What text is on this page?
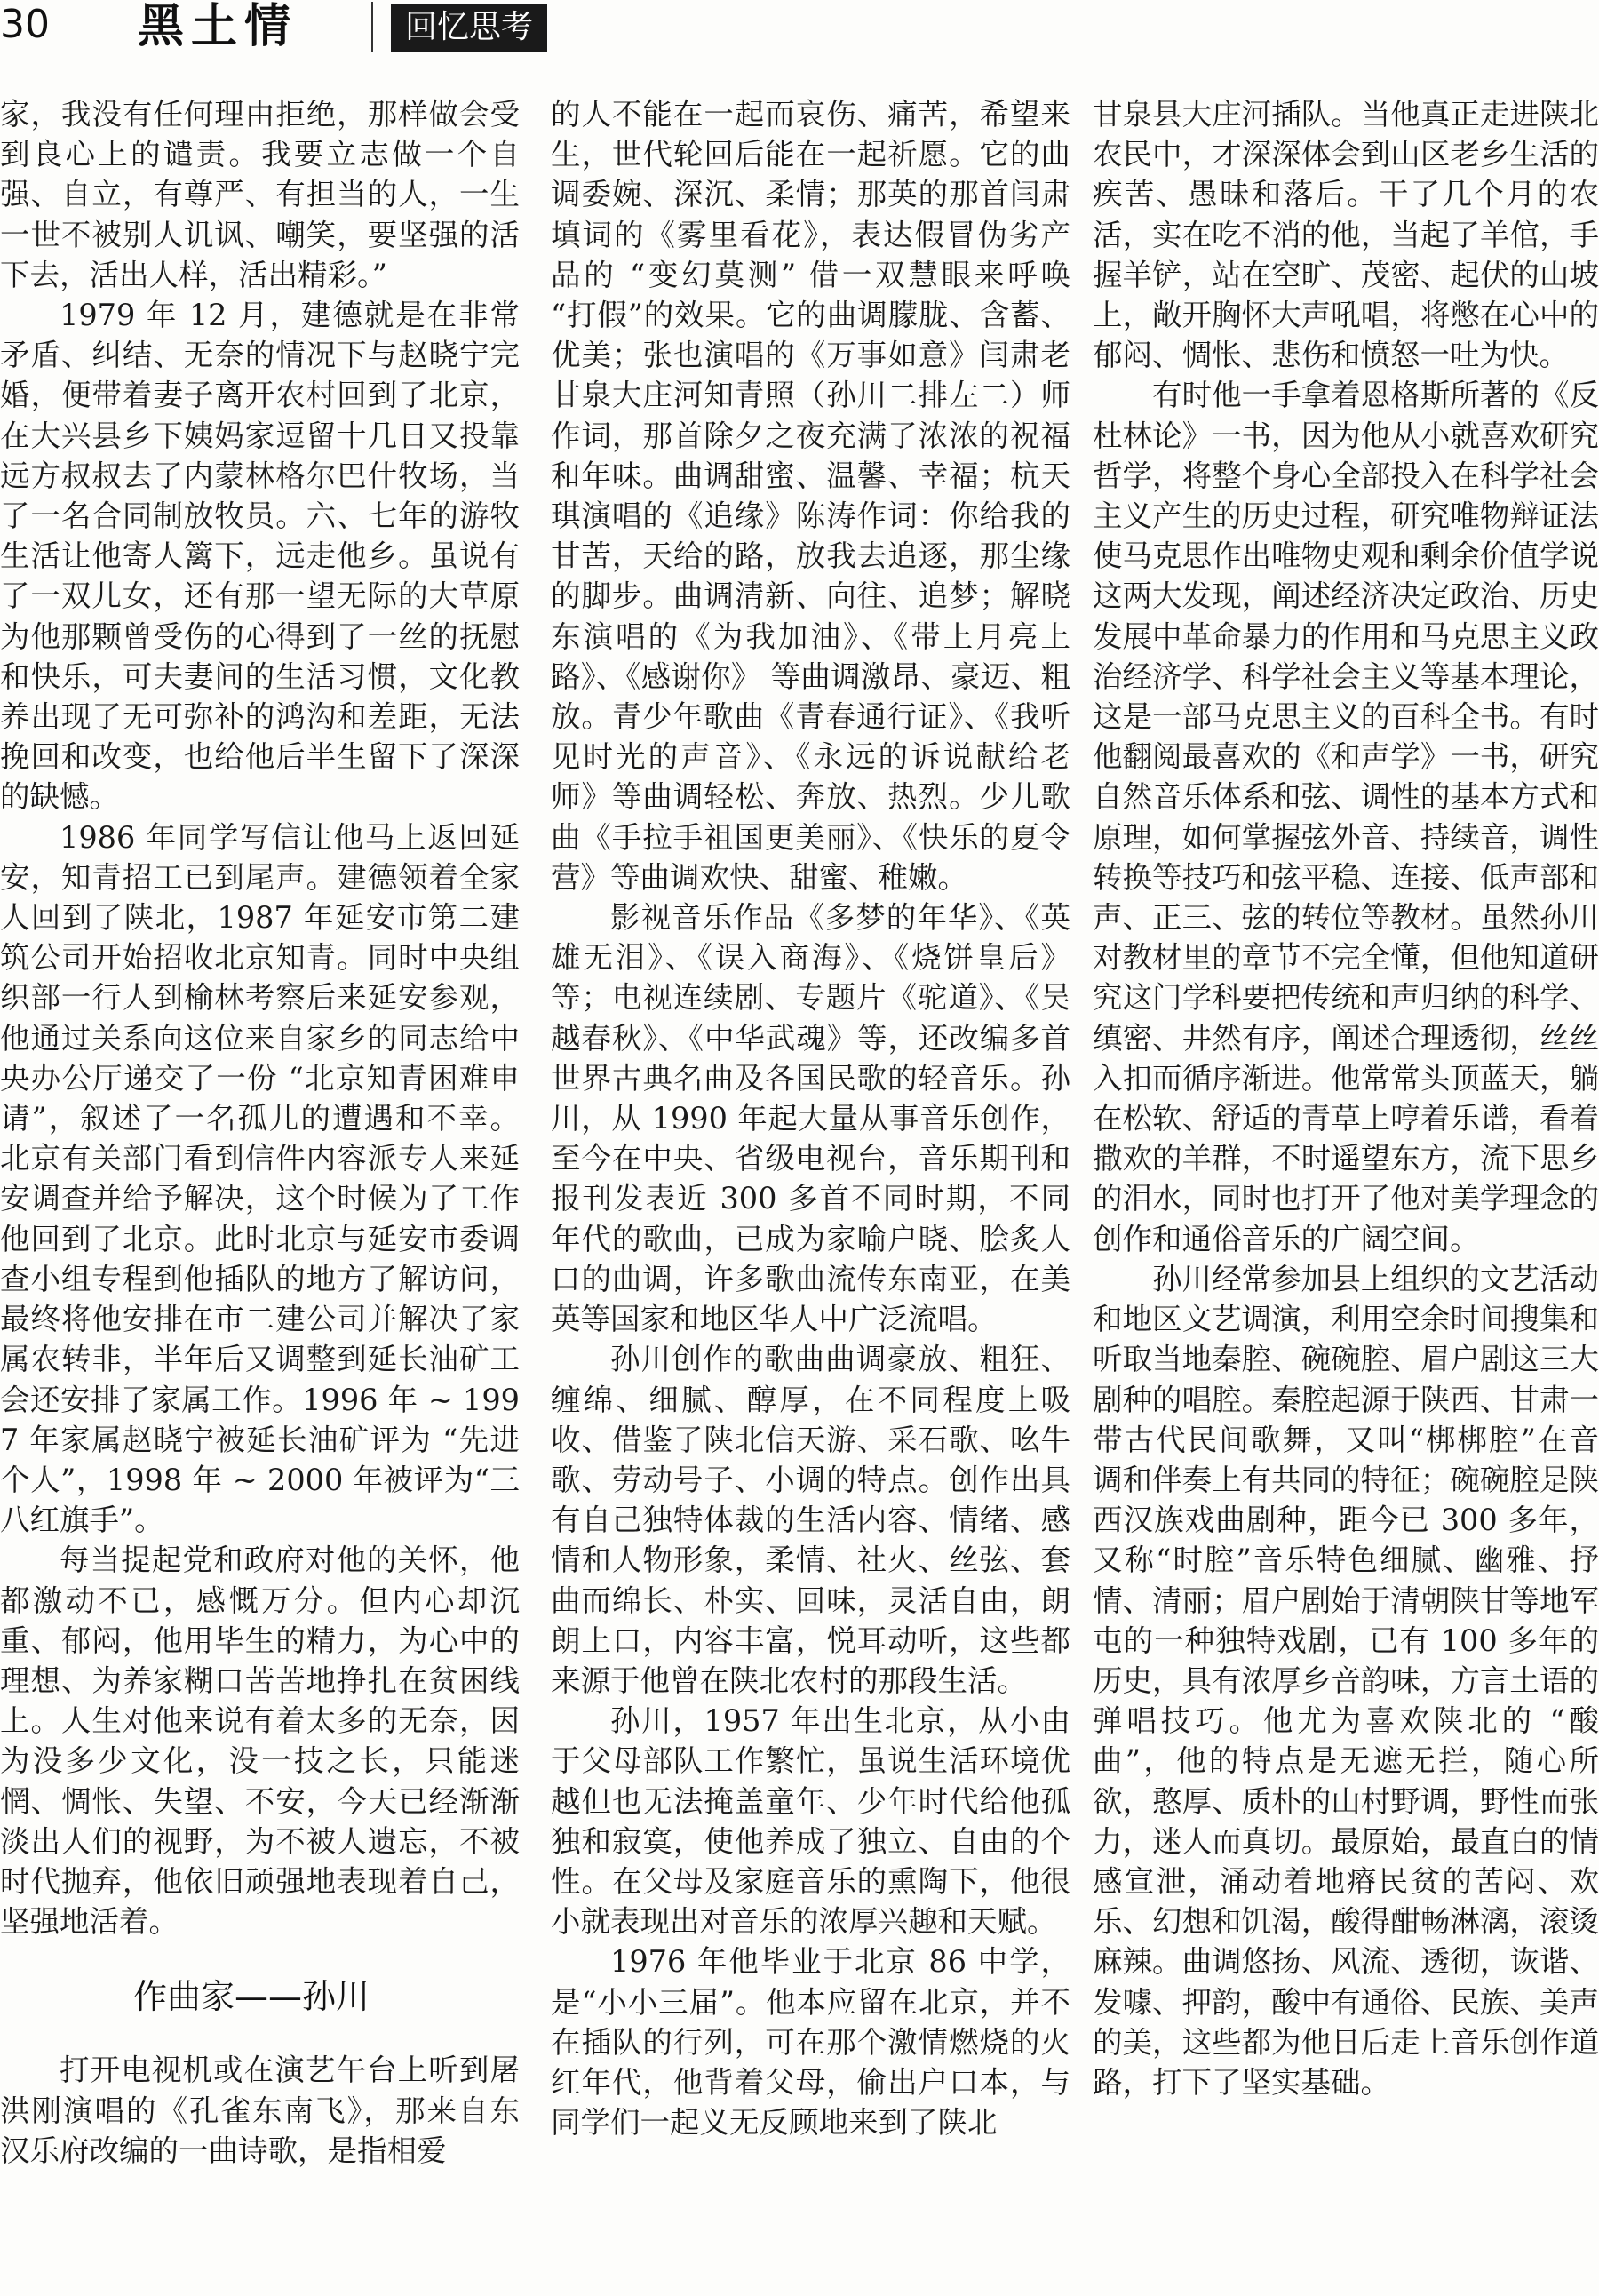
30 黑土情	回忆思考

家，我没有任何理由拒绝，那样做会受到良心上的谴责。我要立志做一个自强、自立，有尊严、有担当的人，一生一世不被别人讥讽、嘲笑，要坚强的活下去，活出人样，活出精彩。”

1979 年 12 月，建德就是在非常矛盾、纠结、无奈的情况下与赵晓宁完婚，便带着妻子离开农村回到了北京，在大兴县乡下姨妈家逗留十几日又投靠远方叔叔去了内蒙林格尔巴什牧场，当了一名合同制放牧员。六、七年的游牧生活让他寄人篱下，远走他乡。虽说有了一双儿女，还有那一望无际的大草原为他那颗曾受伤的心得到了一丝的抚慰和快乐，可夫妻间的生活习惯，文化教养出现了无可弥补的鸿沟和差距，无法挽回和改变，也给他后半生留下了深深的缺憾。

1986 年同学写信让他马上返回延安，知青招工已到尾声。建德领着全家人回到了陕北，1987 年延安市第二建筑公司开始招收北京知青。同时中央组织部一行人到榆林考察后来延安参观，他通过关系向这位来自家乡的同志给中央办公厅递交了一份 “北京知青困难申请”，叙述了一名孤儿的遭遇和不幸。北京有关部门看到信件内容派专人来延安调查并给予解决，这个时候为了工作他回到了北京。此时北京与延安市委调查小组专程到他插队的地方了解访问，最终将他安排在市二建公司并解决了家属农转非，半年后又调整到延长油矿工会还安排了家属工作。1996 年 ~ 1997 年家属赵晓宁被延长油矿评为 “先进个人”，1998 年 ~ 2000 年被评为“三八红旗手”。

每当提起党和政府对他的关怀，他都激动不已，感慨万分。但内心却沉重、郁闷，他用毕生的精力，为心中的理想、为养家糊口苦苦地挣扎在贫困线上。人生对他来说有着太多的无奈，因为没多少文化，没一技之长，只能迷惘、惆怅、失望、不安，今天已经渐渐淡出人们的视野，为不被人遗忘，不被时代抛弃，他依旧顽强地表现着自己，坚强地活着。

作曲家——孙川

打开电视机或在演艺午台上听到屠洪刚演唱的《孔雀东南飞》，那来自东汉乐府改编的一曲诗歌，是指相爱

的人不能在一起而哀伤、痛苦，希望来生，世代轮回后能在一起祈愿。它的曲调委婉、深沉、柔情；那英的那首闫肃填词的《雾里看花》，表达假冒伪劣产品的 “变幻莫测” 借一双慧眼来呼唤 “打假”的效果。它的曲调朦胧、含蓄、优美；张也演唱的《万事如意》闫肃老甘泉大庄河知青照（孙川二排左二）师作词，那首除夕之夜充满了浓浓的祝福和年味。曲调甜蜜、温馨、幸福；杭天琪演唱的《追缘》陈涛作词：你给我的甘苦，天给的路，放我去追逐，那尘缘的脚步。曲调清新、向往、追梦；解晓东演唱的《为我加油》、《带上月亮上路》、《感谢你》 等曲调激昂、豪迈、粗放。青少年歌曲《青春通行证》、《我听见时光的声音》、《永远的诉说献给老师》等曲调轻松、奔放、热烈。少儿歌曲《手拉手祖国更美丽》、《快乐的夏令营》等曲调欢快、甜蜜、稚嫩。

影视音乐作品《多梦的年华》、《英雄无泪》、《误入商海》、《烧饼皇后》等；电视连续剧、专题片《驼道》、《吴越春秋》、《中华武魂》等，还改编多首世界古典名曲及各国民歌的轻音乐。孙川，从 1990 年起大量从事音乐创作，至今在中央、省级电视台，音乐期刊和报刊发表近 300 多首不同时期，不同年代的歌曲，已成为家喻户晓、脍炙人口的曲调，许多歌曲流传东南亚，在美英等国家和地区华人中广泛流唱。

孙川创作的歌曲曲调豪放、粗狂、缠绵、细腻、醇厚，在不同程度上吸收、借鉴了陕北信天游、采石歌、吆牛歌、劳动号子、小调的特点。创作出具有自己独特体裁的生活内容、情绪、感情和人物形象，柔情、社火、丝弦、套曲而绵长、朴实、回味，灵活自由，朗朗上口，内容丰富，悦耳动听，这些都来源于他曾在陕北农村的那段生活。

孙川，1957 年出生北京，从小由于父母部队工作繁忙，虽说生活环境优越但也无法掩盖童年、少年时代给他孤独和寂寞，使他养成了独立、自由的个性。在父母及家庭音乐的熏陶下，他很小就表现出对音乐的浓厚兴趣和天赋。

1976 年他毕业于北京 86 中学，是“小小三届”。他本应留在北京，并不在插队的行列，可在那个激情燃烧的火红年代，他背着父母，偷出户口本，与同学们一起义无反顾地来到了陕北

甘泉县大庄河插队。当他真正走进陕北农民中，才深深体会到山区老乡生活的疾苦、愚昧和落后。干了几个月的农活，实在吃不消的他，当起了羊倌，手握羊铲，站在空旷、茂密、起伏的山坡上，敞开胸怀大声吼唱，将憋在心中的郁闷、惆怅、悲伤和愤怒一吐为快。

有时他一手拿着恩格斯所著的《反杜林论》一书，因为他从小就喜欢研究哲学，将整个身心全部投入在科学社会主义产生的历史过程，研究唯物辩证法使马克思作出唯物史观和剩余价值学说这两大发现，阐述经济决定政治、历史发展中革命暴力的作用和马克思主义政治经济学、科学社会主义等基本理论，这是一部马克思主义的百科全书。有时他翻阅最喜欢的《和声学》一书，研究自然音乐体系和弦、调性的基本方式和原理，如何掌握弦外音、持续音，调性转换等技巧和弦平稳、连接、低声部和声、正三、弦的转位等教材。虽然孙川对教材里的章节不完全懂，但他知道研究这门学科要把传统和声归纳的科学、缜密、井然有序，阐述合理透彻，丝丝入扣而循序渐进。他常常头顶蓝天，躺在松软、舒适的青草上哼着乐谱，看着撒欢的羊群，不时遥望东方，流下思乡的泪水，同时也打开了他对美学理念的创作和通俗音乐的广阔空间。

孙川经常参加县上组织的文艺活动和地区文艺调演，利用空余时间搜集和听取当地秦腔、碗碗腔、眉户剧这三大剧种的唱腔。秦腔起源于陕西、甘肃一带古代民间歌舞，又叫“梆梆腔”在音调和伴奏上有共同的特征；碗碗腔是陕西汉族戏曲剧种，距今已 300 多年，又称“时腔”音乐特色细腻、幽雅、抒情、清丽；眉户剧始于清朝陕甘等地军屯的一种独特戏剧，已有 100 多年的历史，具有浓厚乡音韵味，方言土语的弹唱技巧。他尤为喜欢陕北的 “酸曲”，他的特点是无遮无拦，随心所欲，憨厚、质朴的山村野调，野性而张力，迷人而真切。最原始，最直白的情感宣泄，涌动着地瘠民贫的苦闷、欢乐、幻想和饥渴，酸得酣畅淋漓，滚烫麻辣。曲调悠扬、风流、透彻，诙谐、发噱、押韵，酸中有通俗、民族、美声的美，这些都为他日后走上音乐创作道路，打下了坚实基础。
